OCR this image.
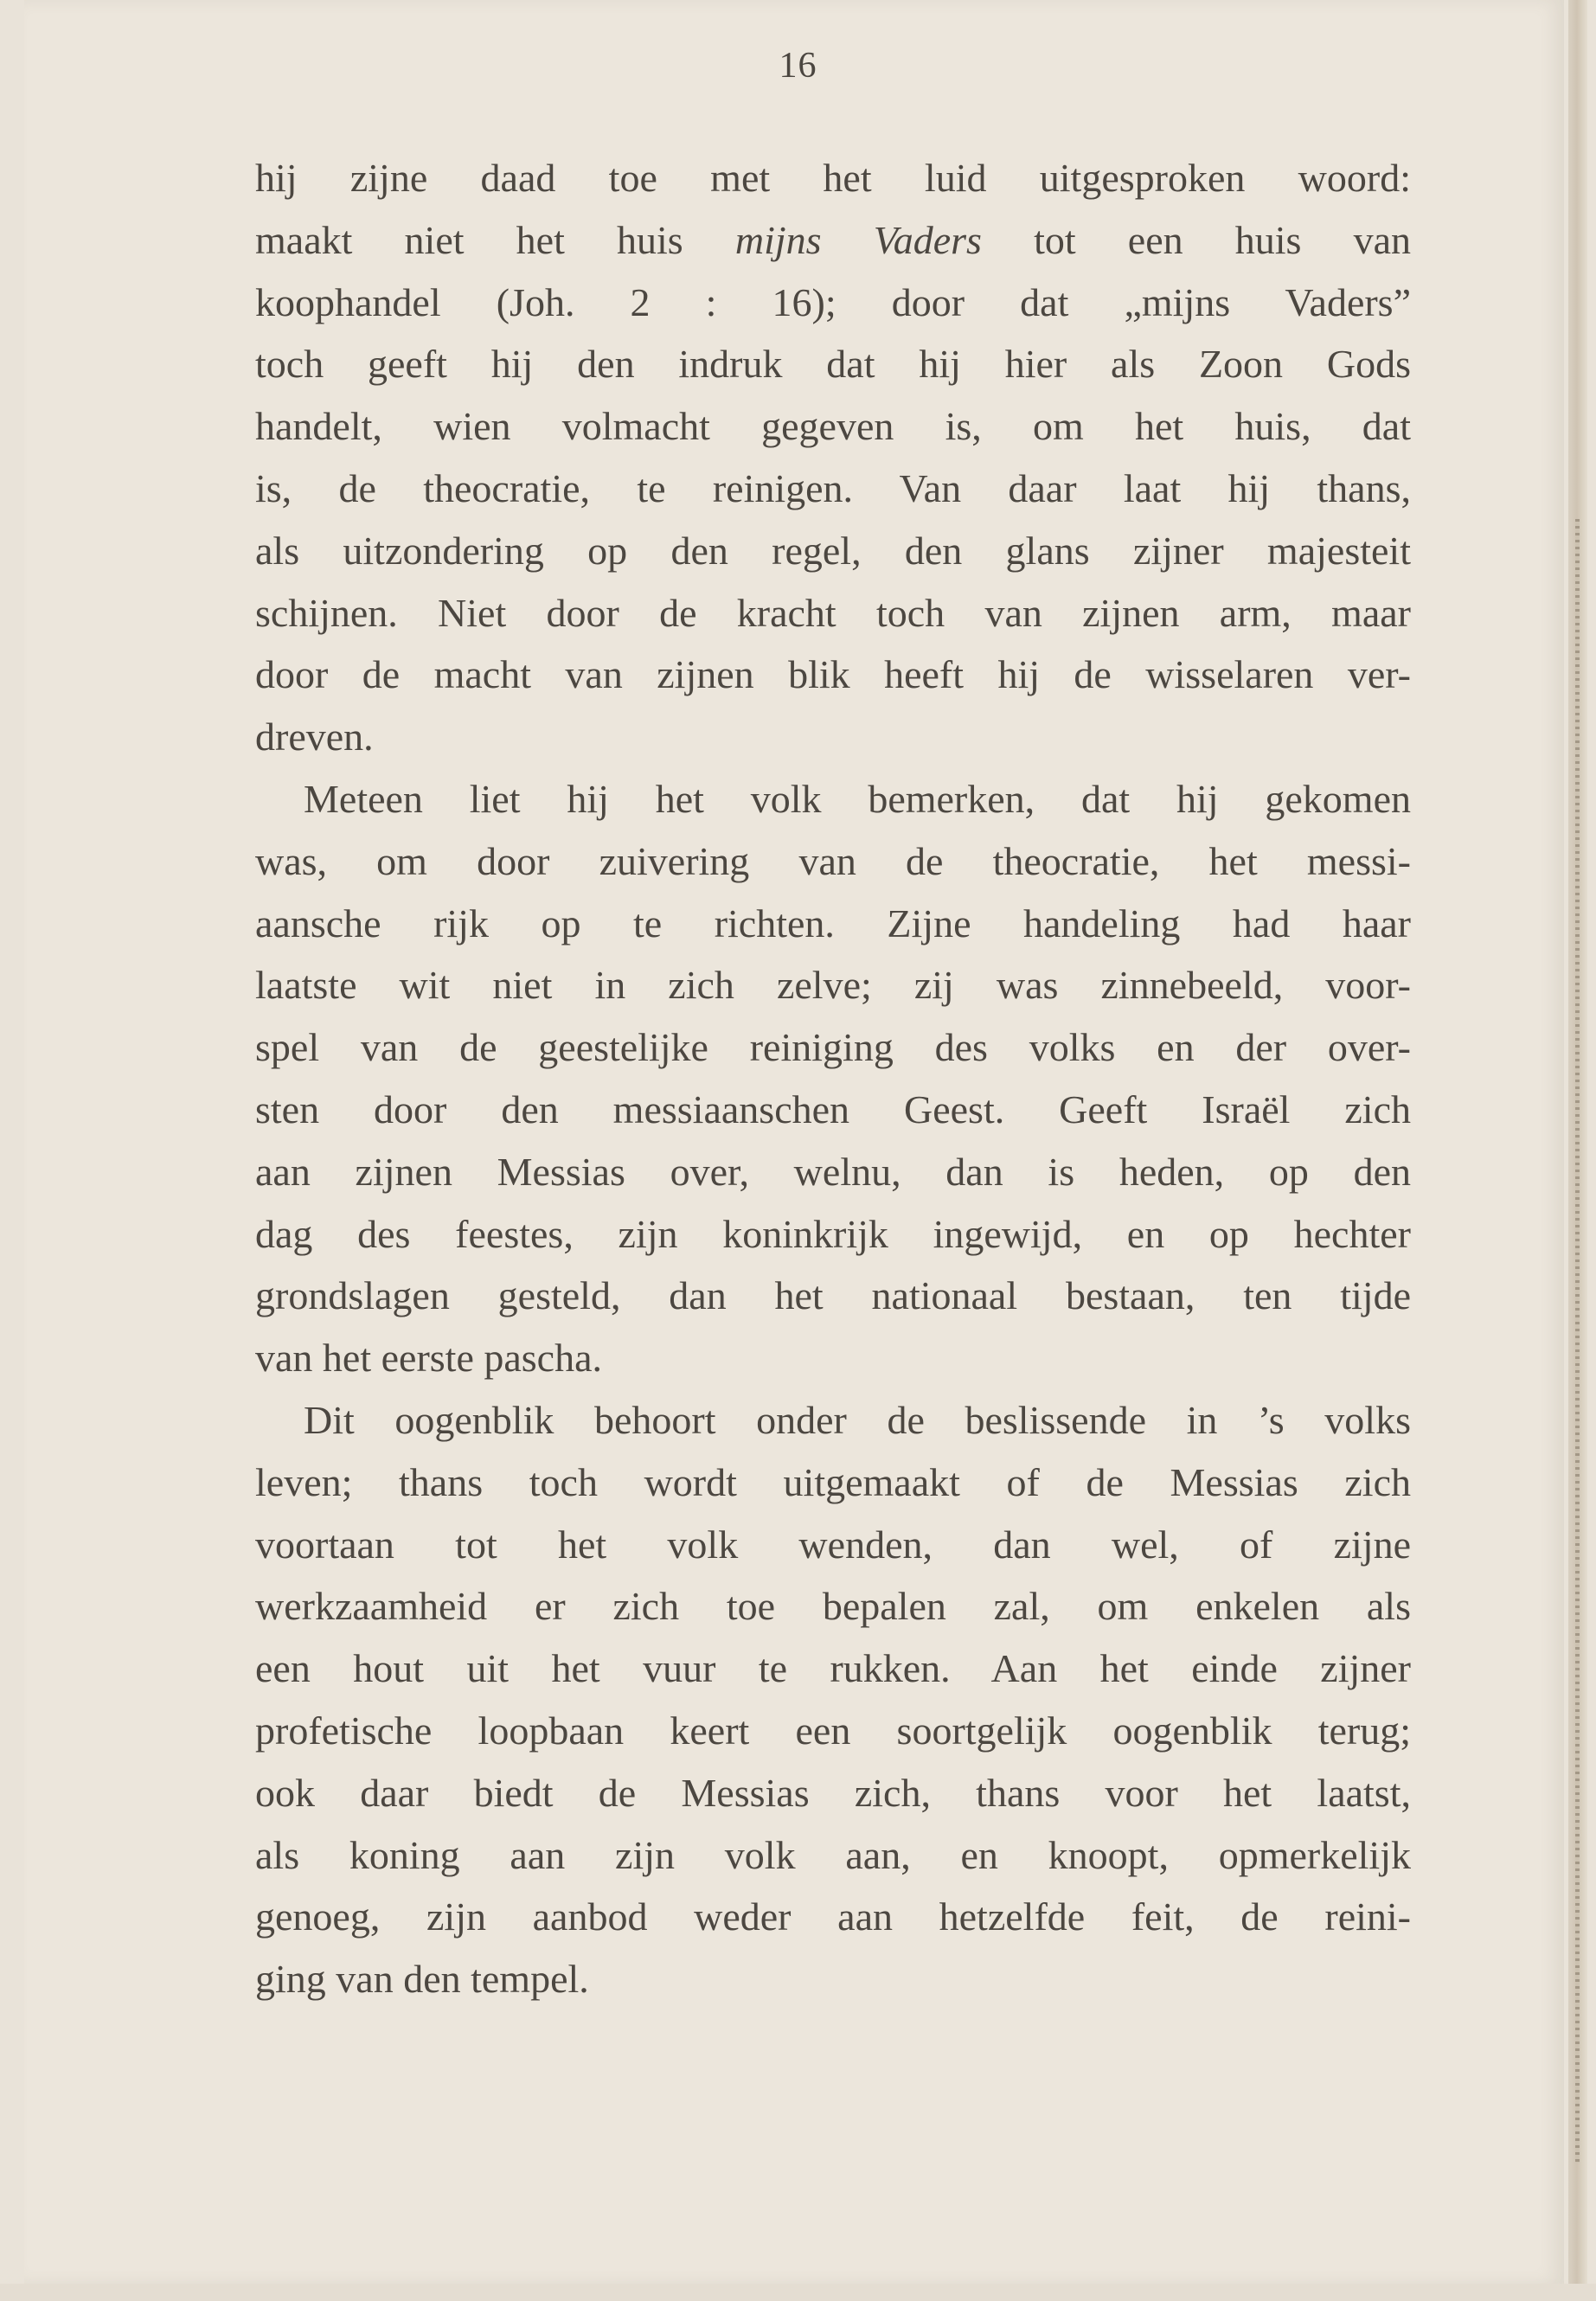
16
hij zijne daad toe met het luid uitgesproken woord:
maakt niet het huis mijns Vaders tot een huis van
koophandel (Joh. 2 : 16); door dat „mijns Vaders”
toch geeft hij den indruk dat hij hier als Zoon Gods
handelt, wien volmacht gegeven is, om het huis, dat
is, de theocratie, te reinigen. Van daar laat hij thans,
als uitzondering op den regel, den glans zijner majesteit
schijnen. Niet door de kracht toch van zijnen arm, maar
door de macht van zijnen blik heeft hij de wisselaren ver-
dreven.
Meteen liet hij het volk bemerken, dat hij gekomen
was, om door zuivering van de theocratie, het messi-
aansche rijk op te richten. Zijne handeling had haar
laatste wit niet in zich zelve; zij was zinnebeeld, voor-
spel van de geestelijke reiniging des volks en der over-
sten door den messiaanschen Geest. Geeft Israël zich
aan zijnen Messias over, welnu, dan is heden, op den
dag des feestes, zijn koninkrijk ingewijd, en op hechter
grondslagen gesteld, dan het nationaal bestaan, ten tijde
van het eerste pascha.
Dit oogenblik behoort onder de beslissende in ’s volks
leven; thans toch wordt uitgemaakt of de Messias zich
voortaan tot het volk wenden, dan wel, of zijne
werkzaamheid er zich toe bepalen zal, om enkelen als
een hout uit het vuur te rukken. Aan het einde zijner
profetische loopbaan keert een soortgelijk oogenblik terug;
ook daar biedt de Messias zich, thans voor het laatst,
als koning aan zijn volk aan, en knoopt, opmerkelijk
genoeg, zijn aanbod weder aan hetzelfde feit, de reini-
ging van den tempel.
